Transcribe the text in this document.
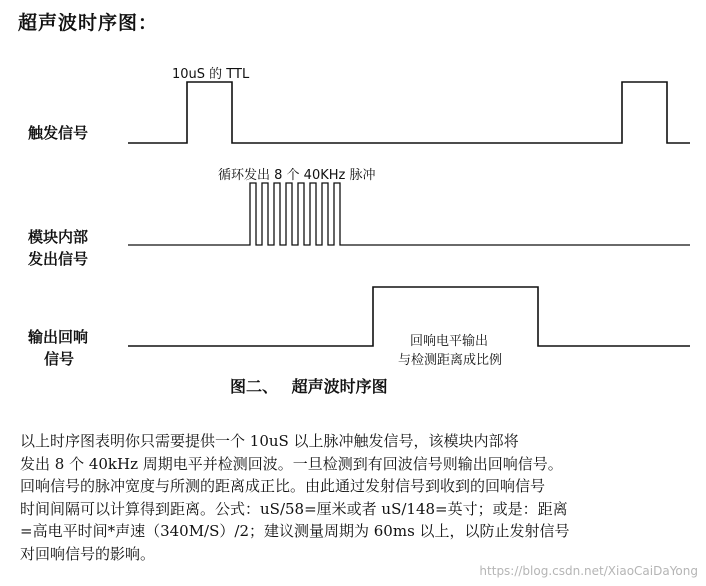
超声波时序图：
触发信号
模块内部
发出信号
输出回响
信号
10uS 的 TTL
循环发出 8 个 40KHz 脉冲
回响电平输出
与检测距离成比例
图二、 超声波时序图
以上时序图表明你只需要提供一个 10uS 以上脉冲触发信号，该模块内部将
发出 8 个 40kHz 周期电平并检测回波。一旦检测到有回波信号则输出回响信号。
回响信号的脉冲宽度与所测的距离成正比。由此通过发射信号到收到的回响信号
时间间隔可以计算得到距离。公式：uS/58=厘米或者 uS/148=英寸；或是：距离
=高电平时间*声速（340M/S）/2；建议测量周期为 60ms 以上，以防止发射信号
对回响信号的影响。
https://blog.csdn.net/XiaoCaiDaYong
